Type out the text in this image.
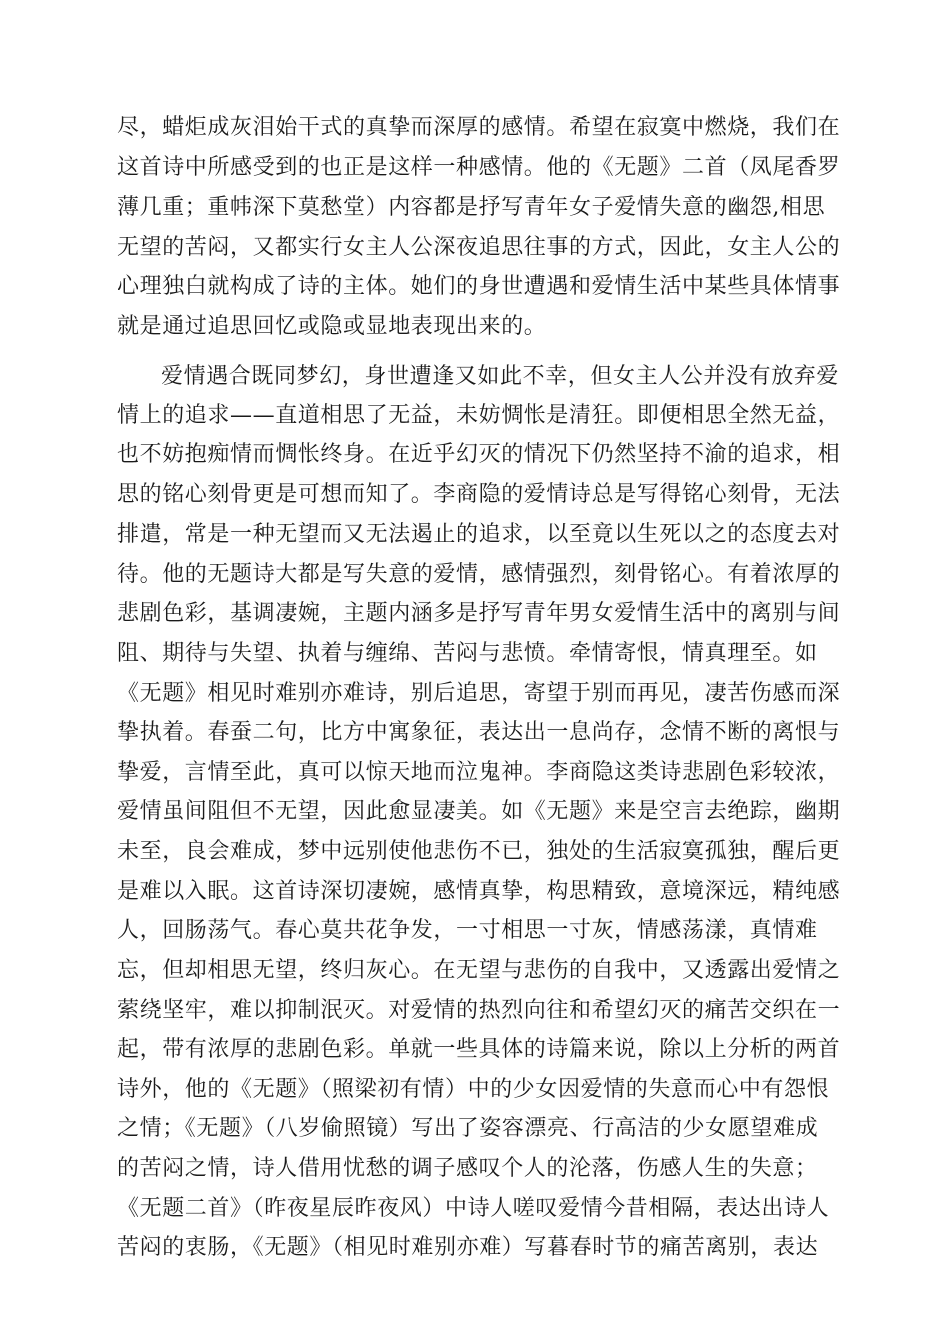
尽，蜡炬成灰泪始干式的真挚而深厚的感情。希望在寂寞中燃烧，我们在
这首诗中所感受到的也正是这样一种感情。他的《无题》二首（凤尾香罗
薄几重；重帏深下莫愁堂）内容都是抒写青年女子爱情失意的幽怨,相思
无望的苦闷，又都实行女主人公深夜追思往事的方式，因此，女主人公的
心理独白就构成了诗的主体。她们的身世遭遇和爱情生活中某些具体情事
就是通过追思回忆或隐或显地表现出来的。
爱情遇合既同梦幻，身世遭逢又如此不幸，但女主人公并没有放弃爱
情上的追求——直道相思了无益，未妨惆怅是清狂。即便相思全然无益，
也不妨抱痴情而惆怅终身。在近乎幻灭的情况下仍然坚持不渝的追求，相
思的铭心刻骨更是可想而知了。李商隐的爱情诗总是写得铭心刻骨，无法
排遣，常是一种无望而又无法遏止的追求，以至竟以生死以之的态度去对
待。他的无题诗大都是写失意的爱情，感情强烈，刻骨铭心。有着浓厚的
悲剧色彩，基调凄婉，主题内涵多是抒写青年男女爱情生活中的离别与间
阻、期待与失望、执着与缠绵、苦闷与悲愤。牵情寄恨，情真理至。如
《无题》相见时难别亦难诗，别后追思，寄望于别而再见，凄苦伤感而深
挚执着。春蚕二句，比方中寓象征，表达出一息尚存，念情不断的离恨与
挚爱，言情至此，真可以惊天地而泣鬼神。李商隐这类诗悲剧色彩较浓，
爱情虽间阻但不无望，因此愈显凄美。如《无题》来是空言去绝踪，幽期
未至，良会难成，梦中远别使他悲伤不已，独处的生活寂寞孤独，醒后更
是难以入眠。这首诗深切凄婉，感情真挚，构思精致，意境深远，精纯感
人，回肠荡气。春心莫共花争发，一寸相思一寸灰，情感荡漾，真情难
忘，但却相思无望，终归灰心。在无望与悲伤的自我中，又透露出爱情之
萦绕坚牢，难以抑制泯灭。对爱情的热烈向往和希望幻灭的痛苦交织在一
起，带有浓厚的悲剧色彩。单就一些具体的诗篇来说，除以上分析的两首
诗外，他的《无题》（照梁初有情）中的少女因爱情的失意而心中有怨恨
之情；《无题》（八岁偷照镜）写出了姿容漂亮、行高洁的少女愿望难成
的苦闷之情，诗人借用忧愁的调子感叹个人的沦落，伤感人生的失意；
《无题二首》（昨夜星辰昨夜风）中诗人嗟叹爱情今昔相隔，表达出诗人
苦闷的衷肠，《无题》（相见时难别亦难）写暮春时节的痛苦离别，表达
